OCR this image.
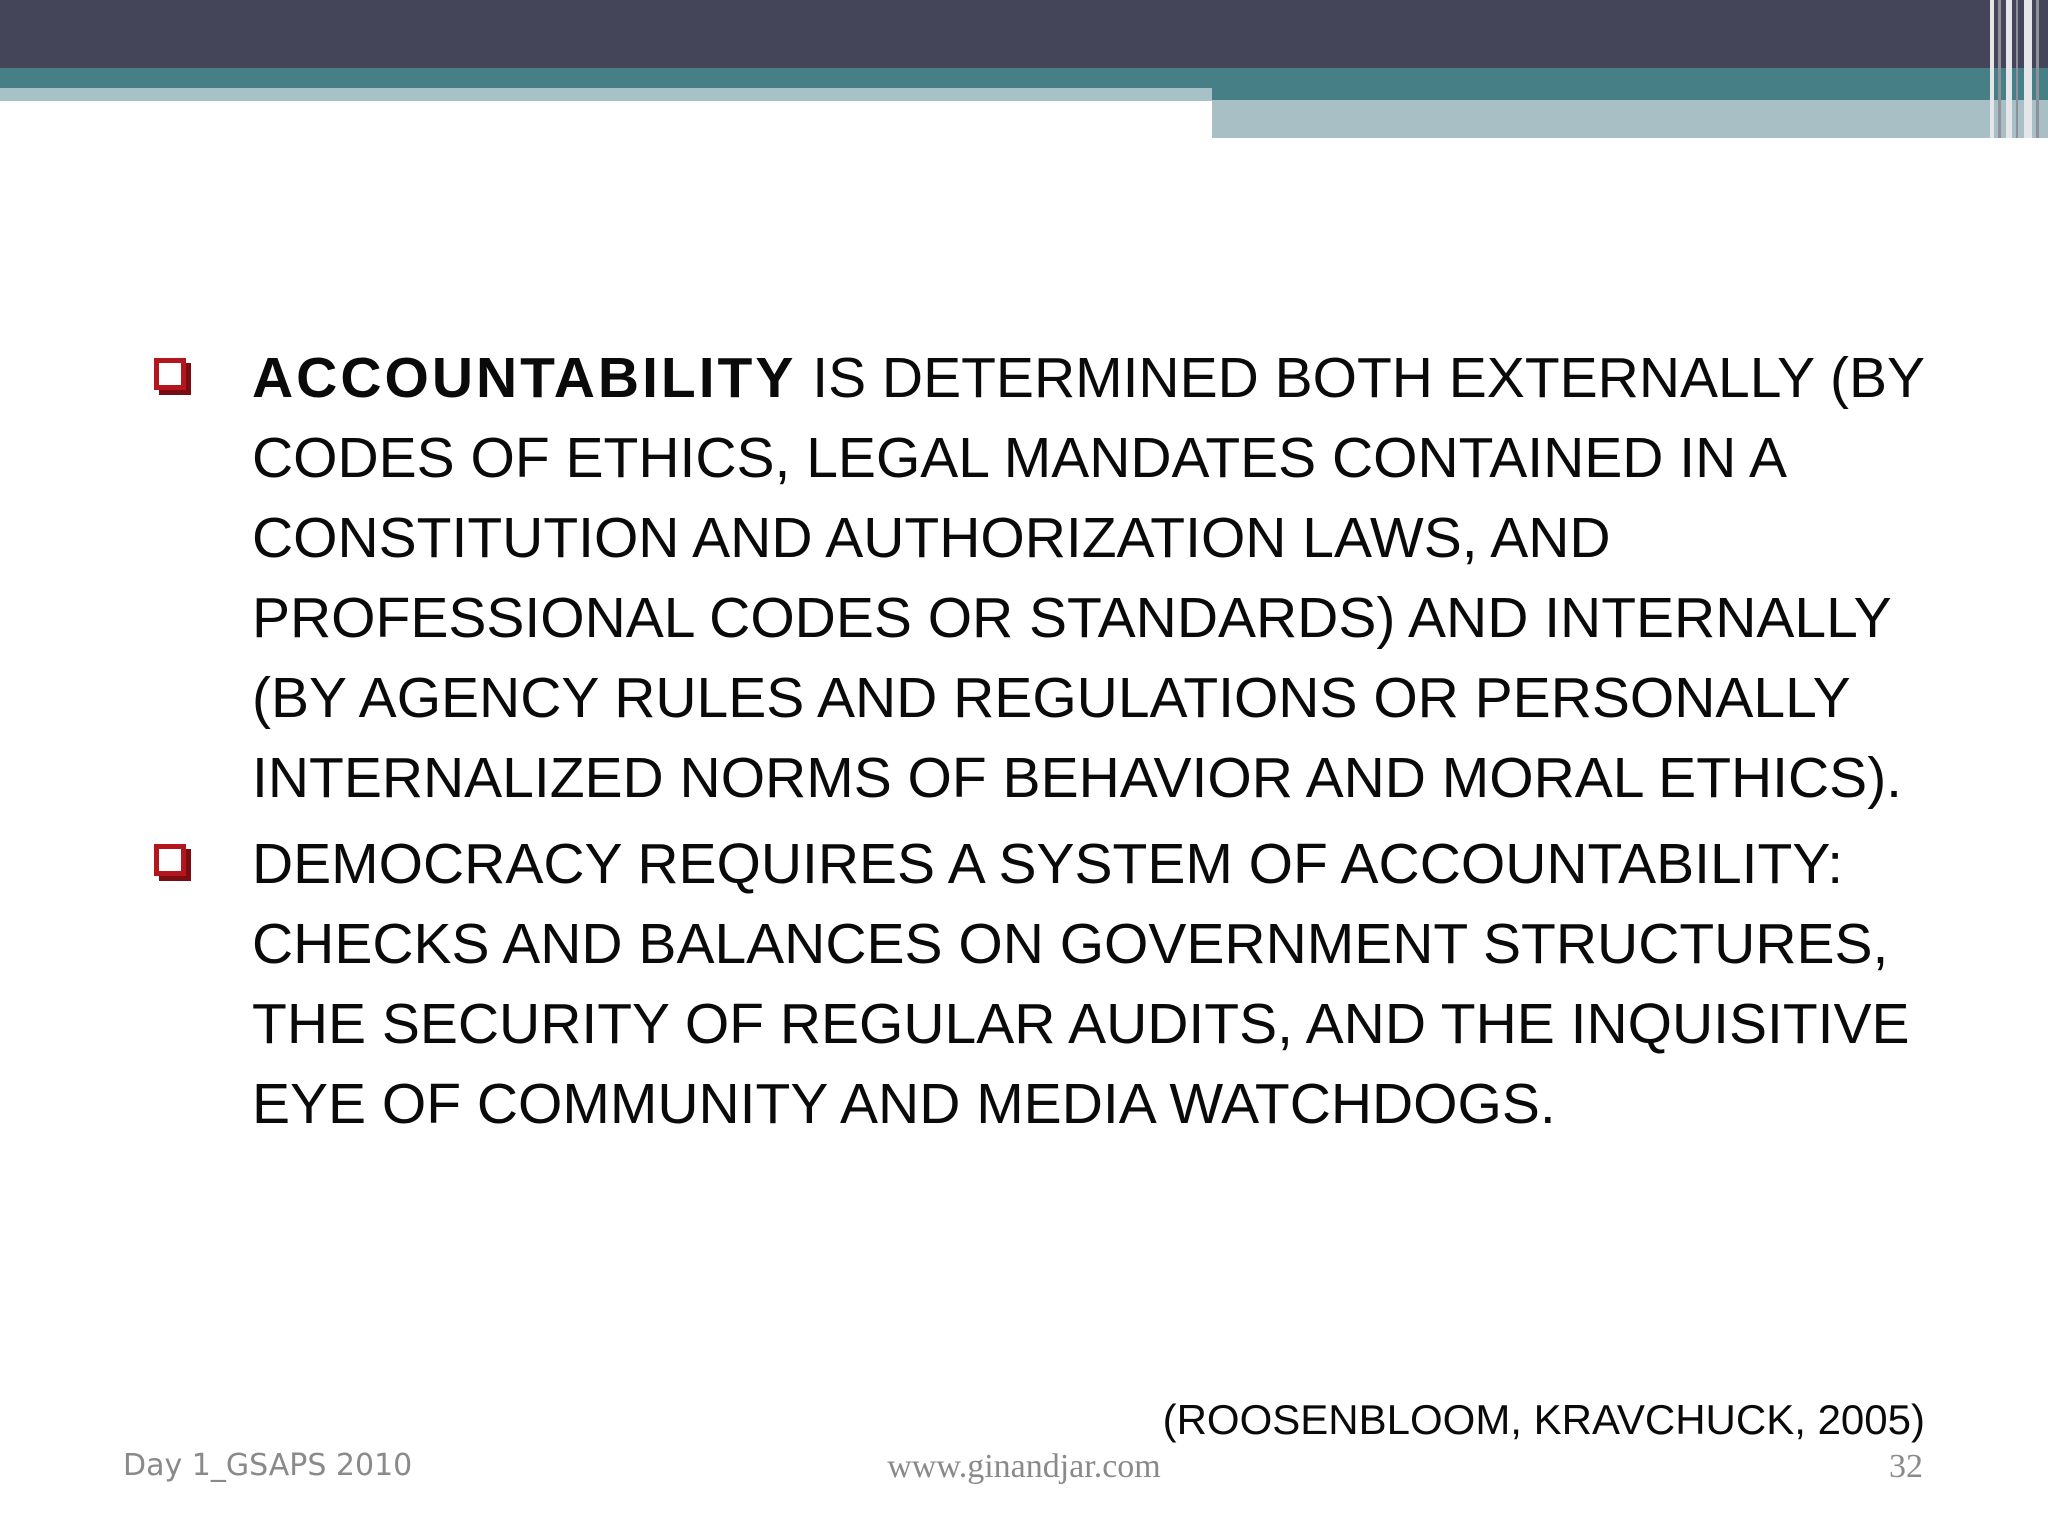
ACCOUNTABILITY IS DETERMINED BOTH EXTERNALLY (BY CODES OF ETHICS, LEGAL MANDATES CONTAINED IN A CONSTITUTION AND AUTHORIZATION LAWS, AND PROFESSIONAL CODES OR STANDARDS) AND INTERNALLY (BY AGENCY RULES AND REGULATIONS OR PERSONALLY INTERNALIZED NORMS OF BEHAVIOR AND MORAL ETHICS).
DEMOCRACY REQUIRES A SYSTEM OF ACCOUNTABILITY: CHECKS AND BALANCES ON GOVERNMENT STRUCTURES, THE SECURITY OF REGULAR AUDITS, AND THE INQUISITIVE EYE OF COMMUNITY AND MEDIA WATCHDOGS.
(ROOSENBLOOM, KRAVCHUCK, 2005)
Day 1_GSAPS 2010	www.ginandjar.com	32
